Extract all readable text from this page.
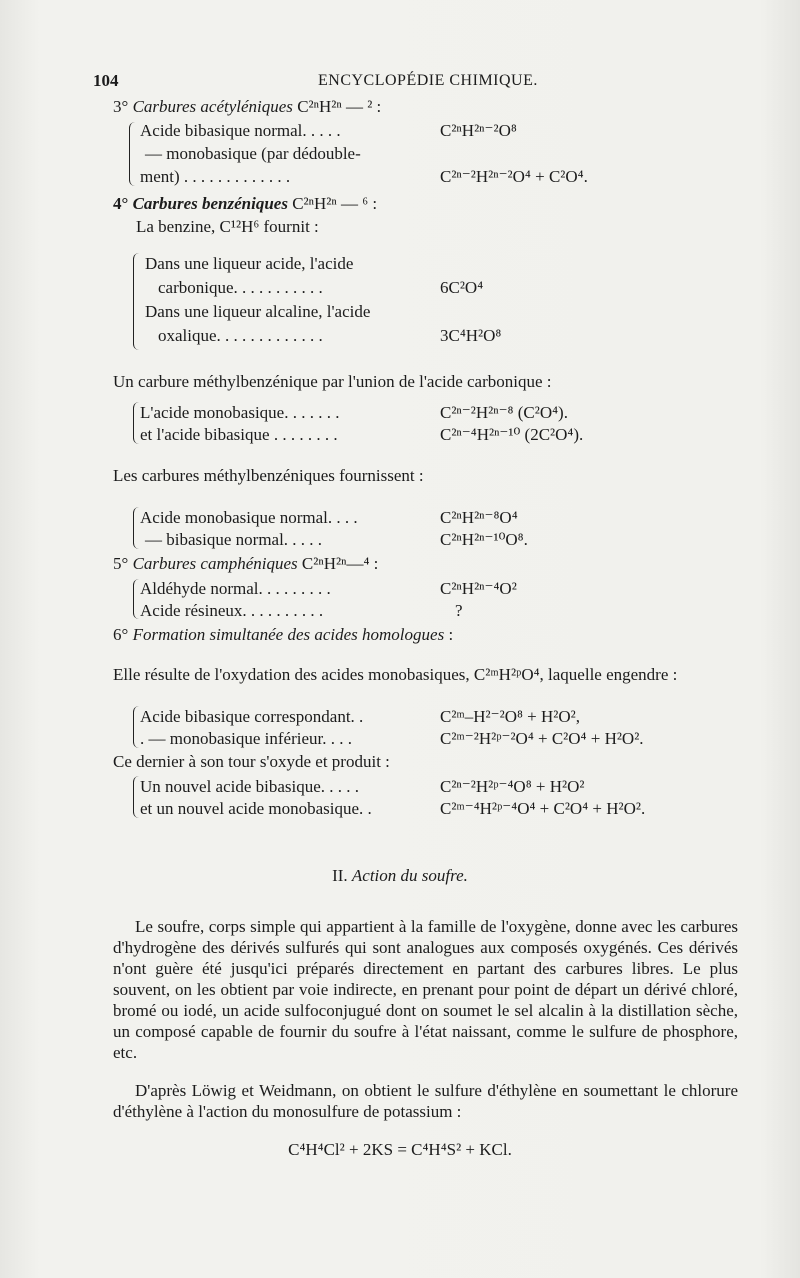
104	ENCYCLOPÉDIE CHIMIQUE.
3° Carbures acétyléniques C²ⁿH²ⁿ — ² :
Acide bibasique normal. . . . .	C²ⁿH²ⁿ⁻²O⁸
— monobasique (par dédouble-
ment) . . . . . . . . . . . . .	C²ⁿ⁻²H²ⁿ⁻²O⁴ + C²O⁴.
4° Carbures benzéniques C²ⁿH²ⁿ — ⁶ :
La benzine, C¹²H⁶ fournit :
Dans une liqueur acide, l'acide
carbonique. . . . . . . . . . .	6C²O⁴
Dans une liqueur alcaline, l'acide
oxalique. . . . . . . . . . . . .	3C⁴H²O⁸
Un carbure méthylbenzénique par l'union de l'acide carbonique :
L'acide monobasique. . . . . . .	C²ⁿ⁻²H²ⁿ⁻⁸ (C²O⁴).
et l'acide bibasique . . . . . . . .	C²ⁿ⁻⁴H²ⁿ⁻¹⁰ (2C²O⁴).
Les carbures méthylbenzéniques fournissent :
Acide monobasique normal. . . .	C²ⁿH²ⁿ⁻⁸O⁴
— bibasique normal. . . . .	C²ⁿH²ⁿ⁻¹⁰O⁸.
5° Carbures camphéniques C²ⁿH²ⁿ—⁴ :
Aldéhyde normal. . . . . . . . .	C²ⁿH²ⁿ⁻⁴O²
Acide résineux. . . . . . . . . .	?
6° Formation simultanée des acides homologues :
Elle résulte de l'oxydation des acides monobasiques, C²ᵐH²ᵖO⁴, laquelle engendre :
Acide bibasique correspondant. .	C²ᵐ–H²⁻²O⁸ + H²O²,
. — monobasique inférieur. . . .	C²ᵐ⁻²H²ᵖ⁻²O⁴ + C²O⁴ + H²O².
Ce dernier à son tour s'oxyde et produit :
Un nouvel acide bibasique. . . . .	C²ⁿ⁻²H²ᵖ⁻⁴O⁸ + H²O²
et un nouvel acide monobasique. .	C²ᵐ⁻⁴H²ᵖ⁻⁴O⁴ + C²O⁴ + H²O².
II. Action du soufre.
Le soufre, corps simple qui appartient à la famille de l'oxygène, donne avec les carbures d'hydrogène des dérivés sulfurés qui sont analogues aux composés oxygénés. Ces dérivés n'ont guère été jusqu'ici préparés directement en partant des carbures libres. Le plus souvent, on les obtient par voie indirecte, en prenant pour point de départ un dérivé chloré, bromé ou iodé, un acide sulfoconjugué dont on soumet le sel alcalin à la distillation sèche, un composé capable de fournir du soufre à l'état naissant, comme le sulfure de phosphore, etc.
D'après Löwig et Weidmann, on obtient le sulfure d'éthylène en soumettant le chlorure d'éthylène à l'action du monosulfure de potassium :
C⁴H⁴Cl² + 2KS = C⁴H⁴S² + KCl.
